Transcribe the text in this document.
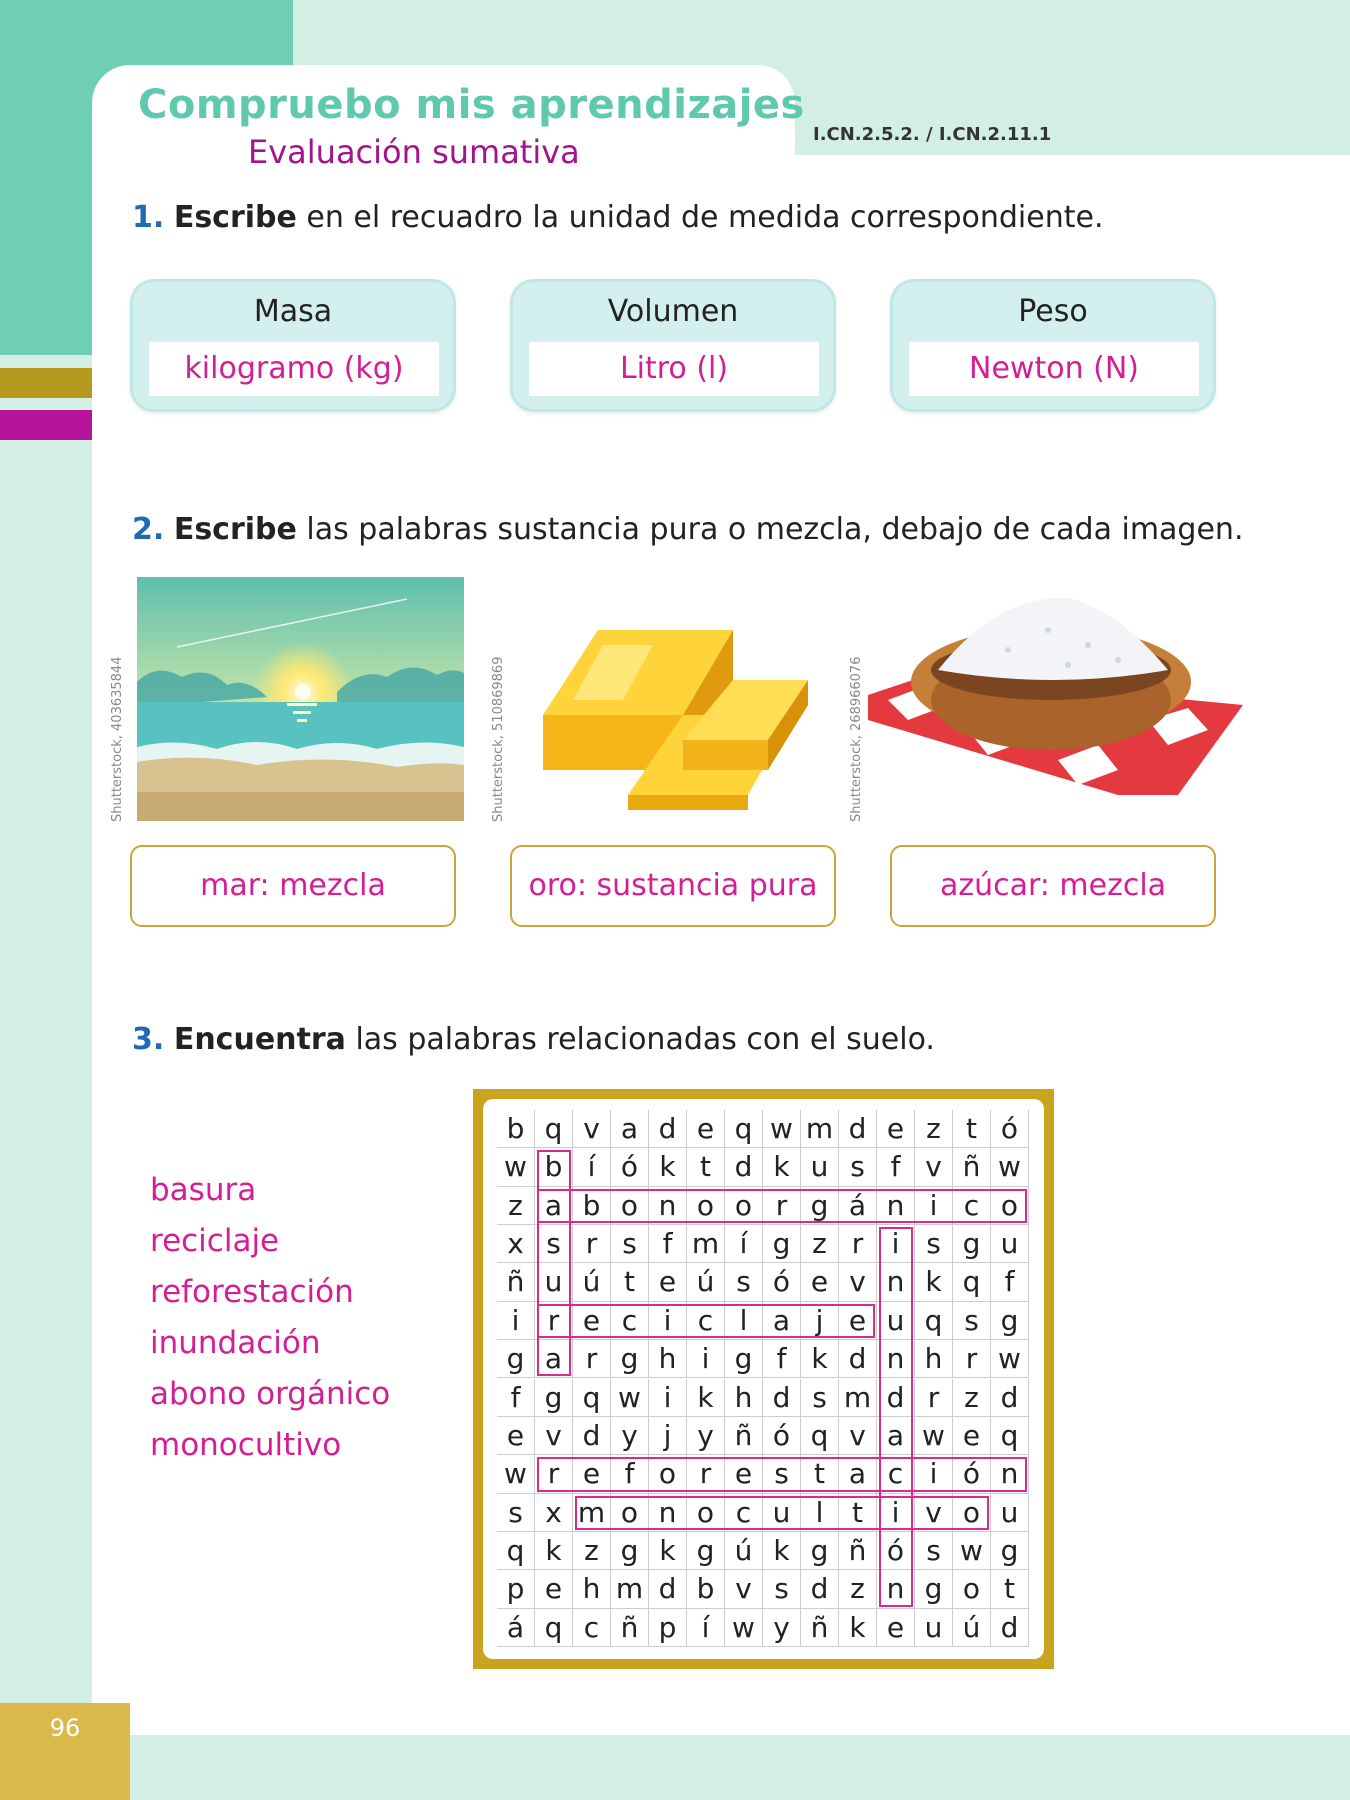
96
Compruebo mis aprendizajes
Evaluación sumativa	I.CN.2.5.2. / I.CN.2.11.1
1. Escribe en el recuadro la unidad de medida correspondiente.
Masa
kilogramo (kg)
Volumen
Litro (l)
Peso
Newton (N)
2. Escribe las palabras sustancia pura o mezcla, debajo de cada imagen.
Shutterstock, 403635844	Shutterstock, 510869869	Shutterstock, 268966076
mar: mezcla	oro: sustancia pura	azúcar: mezcla
3. Encuentra las palabras relacionadas con el suelo.
basura
reciclaje
reforestación
inundación
abono orgánico
monocultivo
b q v a d e q w m d e z t ó
w b í ó k t d k u s f v ñ w
z a b o n o o r g á n i c o
x s r s f m í g z r	i s g u
ñ u ú t e ú s ó e v n k q f
i	r e c i c l a j e u q s g
g a r g h i g f k d n h r w
f g q w i k h d s m d r z d
e v d y j y ñ ó q v a w e q
w r e f o r e s t a c i ó n
s x m o n o c u l	t	i v o u
q k z g k g ú k g ñ ó s w g
p e h m d b v s d z n g o t
á q c ñ p í w y ñ k e u ú d
